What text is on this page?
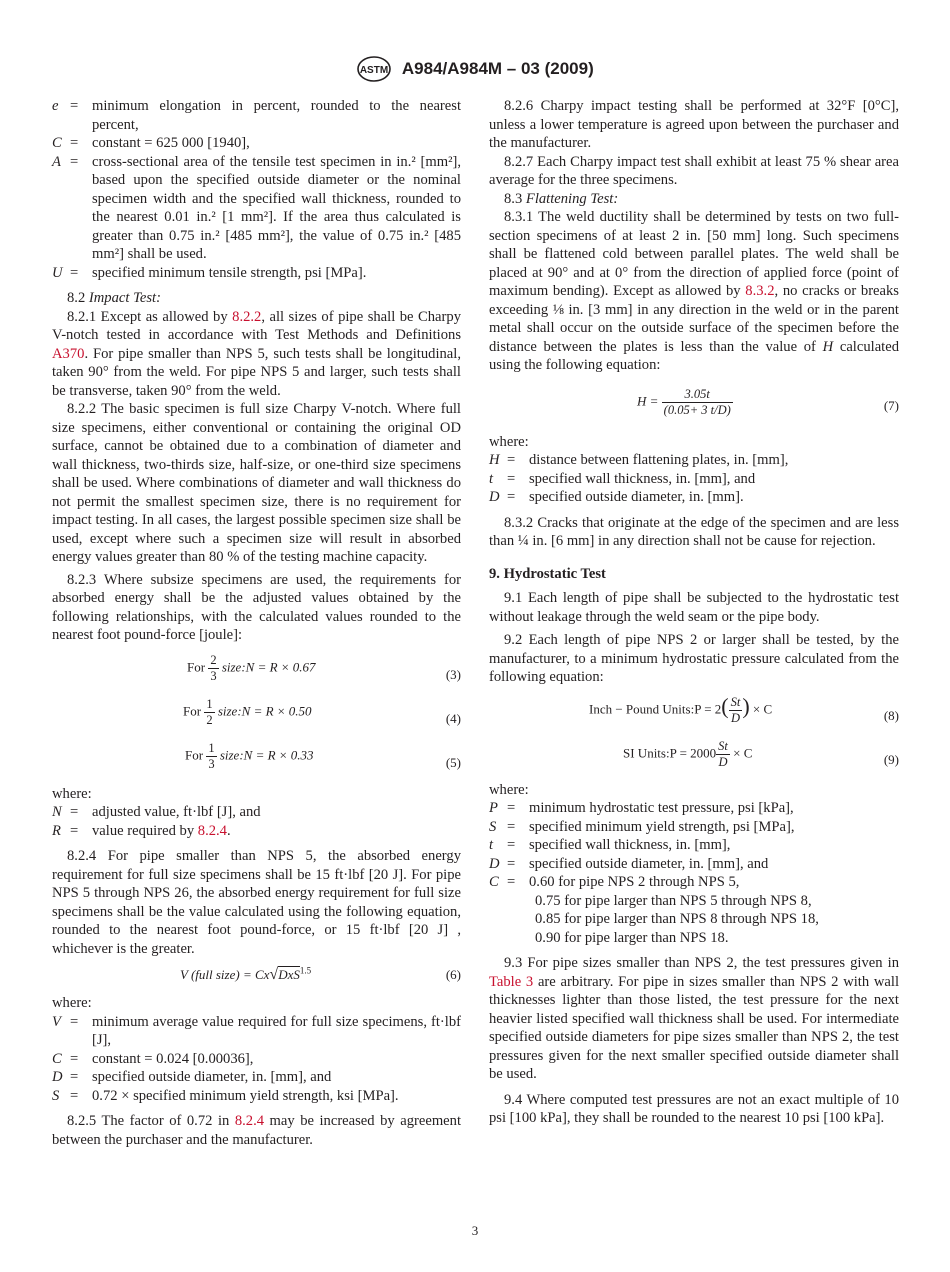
ASTM A984/A984M – 03 (2009)
e = minimum elongation in percent, rounded to the nearest percent,
C = constant = 625 000 [1940],
A = cross-sectional area of the tensile test specimen in in.² [mm²], based upon the specified outside diameter or the nominal specimen width and the specified wall thickness, rounded to the nearest 0.01 in.² [1 mm²]. If the area thus calculated is greater than 0.75 in.² [485 mm²], the value of 0.75 in.² [485 mm²] shall be used.
U = specified minimum tensile strength, psi [MPa].

8.2 Impact Test:

8.2.1 Except as allowed by 8.2.2, all sizes of pipe shall be Charpy V-notch tested in accordance with Test Methods and Definitions A370. For pipe smaller than NPS 5, such tests shall be longitudinal, taken 90° from the weld. For pipe NPS 5 and larger, such tests shall be transverse, taken 90° from the weld.

8.2.2 The basic specimen is full size Charpy V-notch. Where full size specimens, either conventional or containing the original OD surface, cannot be obtained due to a combination of diameter and wall thickness, two-thirds size, half-size, or one-third size specimens shall be used. Where combinations of diameter and wall thickness do not permit the smallest specimen size, there is no requirement for impact testing. In all cases, the largest possible specimen size shall be used, except where such a specimen size will result in absorbed energy values greater than 80 % of the testing machine capacity.

8.2.3 Where subsize specimens are used, the requirements for absorbed energy shall be the adjusted values obtained by the following relationships, with the calculated values rounded to the nearest foot pound-force [joule]:

For $\frac{2}{3}$ size:N = R × 0.67
(3)
For $\frac{1}{2}$ size:N = R × 0.50
(4)
For $\frac{1}{3}$ size:N = R × 0.33
(5)

where:

N = adjusted value, ft·lbf [J], and
R = value required by 8.2.4.

8.2.4 For pipe smaller than NPS 5, the absorbed energy requirement for full size specimens shall be 15 ft·lbf [20 J]. For pipe NPS 5 through NPS 26, the absorbed energy requirement for full size specimens shall be the value calculated using the following equation, rounded to the nearest foot pound-force, or 15 ft·lbf [20 J] , whichever is the greater.

V (full size) = Cx√DxS$^{1.5}$	(6)

where:

V = minimum average value required for full size specimens, ft·lbf [J],
C = constant = 0.024 [0.00036],
D = specified outside diameter, in. [mm], and
S = 0.72 × specified minimum yield strength, ksi [MPa].

8.2.5 The factor of 0.72 in 8.2.4 may be increased by agreement between the purchaser and the manufacturer.

8.2.6 Charpy impact testing shall be performed at 32°F [0°C], unless a lower temperature is agreed upon between the purchaser and the manufacturer.

8.2.7 Each Charpy impact test shall exhibit at least 75 % shear area average for the three specimens.

8.3 Flattening Test:

8.3.1 The weld ductility shall be determined by tests on two full-section specimens of at least 2 in. [50 mm] long. Such specimens shall be flattened cold between parallel plates. The weld shall be placed at 90° and at 0° from the direction of applied force (point of maximum bending). Except as allowed by 8.3.2, no cracks or breaks exceeding ⅛ in. [3 mm] in any direction in the weld or in the parent metal shall occur on the outside surface of the specimen before the distance between the plates is less than the value of H calculated using the following equation:

$H = \frac{3.05t}{(0.05+ 3 t/D)}$	(7)

where:

H = distance between flattening plates, in. [mm],
t = specified wall thickness, in. [mm], and
D = specified outside diameter, in. [mm].

8.3.2 Cracks that originate at the edge of the specimen and are less than ¼ in. [6 mm] in any direction shall not be cause for rejection.

9. Hydrostatic Test

9.1 Each length of pipe shall be subjected to the hydrostatic test without leakage through the weld seam or the pipe body.

9.2 Each length of pipe NPS 2 or larger shall be tested, by the manufacturer, to a minimum hydrostatic pressure calculated from the following equation:

Inch − Pound Units:P = $2( \frac{St}{D}$ ) × C	(8)
SI Units:P = $2000 \frac{St}{D} \times C$	(9)

where:

P = minimum hydrostatic test pressure, psi [kPa],
S = specified minimum yield strength, psi [MPa],
t = specified wall thickness, in. [mm],
D = specified outside diameter, in. [mm], and
C = 0.60 for pipe NPS 2 through NPS 5,
0.75 for pipe larger than NPS 5 through NPS 8,
0.85 for pipe larger than NPS 8 through NPS 18,
0.90 for pipe larger than NPS 18.

9.3 For pipe sizes smaller than NPS 2, the test pressures given in Table 3 are arbitrary. For pipe in sizes smaller than NPS 2 with wall thicknesses lighter than those listed, the test pressure for the next heavier listed specified wall thickness shall be used. For intermediate specified outside diameters for pipe sizes smaller than NPS 2, the test pressures given for the next smaller specified outside diameter shall be used.

9.4 Where computed test pressures are not an exact multiple of 10 psi [100 kPa], they shall be rounded to the nearest 10 psi [100 kPa].

3
